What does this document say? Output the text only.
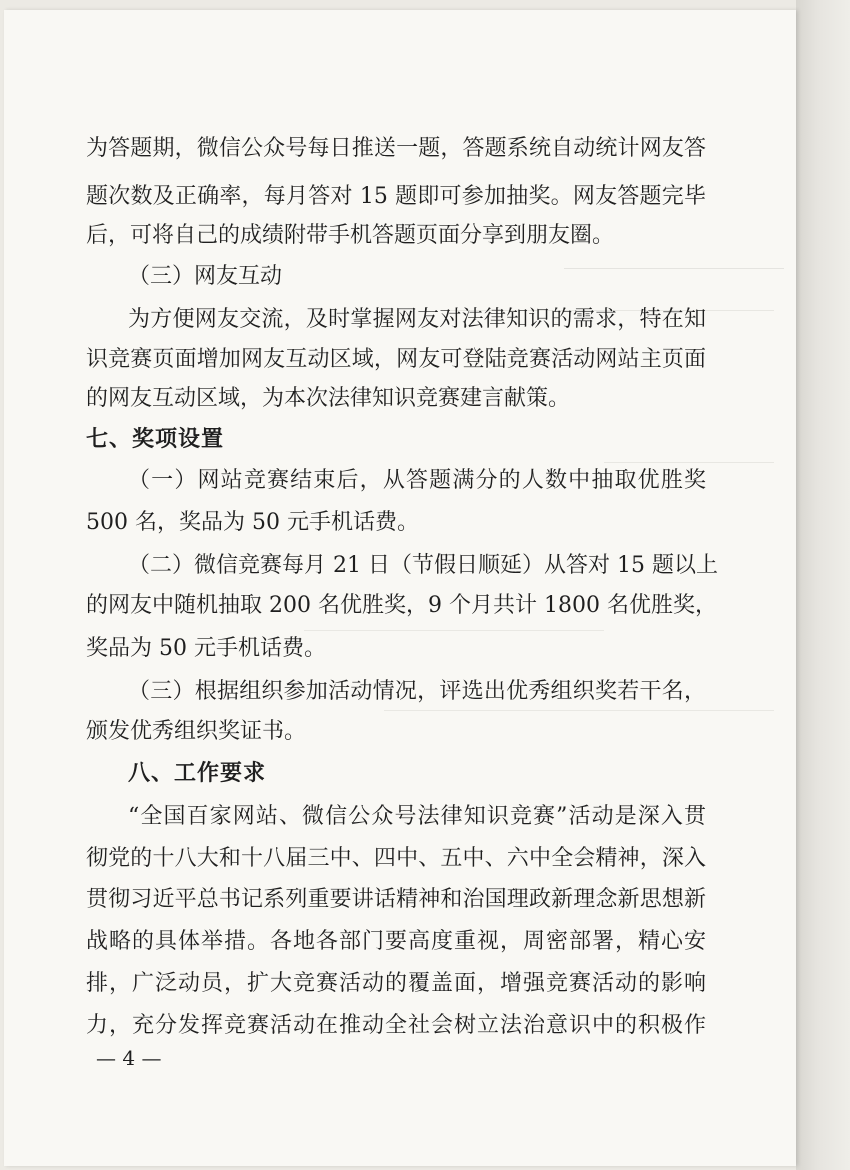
为答题期，微信公众号每日推送一题，答题系统自动统计网友答
题次数及正确率，每月答对 15 题即可参加抽奖。网友答题完毕
后，可将自己的成绩附带手机答题页面分享到朋友圈。
（三）网友互动
为方便网友交流，及时掌握网友对法律知识的需求，特在知
识竞赛页面增加网友互动区域，网友可登陆竞赛活动网站主页面
的网友互动区域，为本次法律知识竞赛建言献策。
七、奖项设置
（一）网站竞赛结束后，从答题满分的人数中抽取优胜奖
500 名，奖品为 50 元手机话费。
（二）微信竞赛每月 21 日（节假日顺延）从答对 15 题以上
的网友中随机抽取 200 名优胜奖，9 个月共计 1800 名优胜奖，
奖品为 50 元手机话费。
（三）根据组织参加活动情况，评选出优秀组织奖若干名，
颁发优秀组织奖证书。
八、工作要求
“全国百家网站、微信公众号法律知识竞赛”活动是深入贯
彻党的十八大和十八届三中、四中、五中、六中全会精神，深入
贯彻习近平总书记系列重要讲话精神和治国理政新理念新思想新
战略的具体举措。各地各部门要高度重视，周密部署，精心安
排，广泛动员，扩大竞赛活动的覆盖面，增强竞赛活动的影响
力，充分发挥竞赛活动在推动全社会树立法治意识中的积极作
— 4 —
